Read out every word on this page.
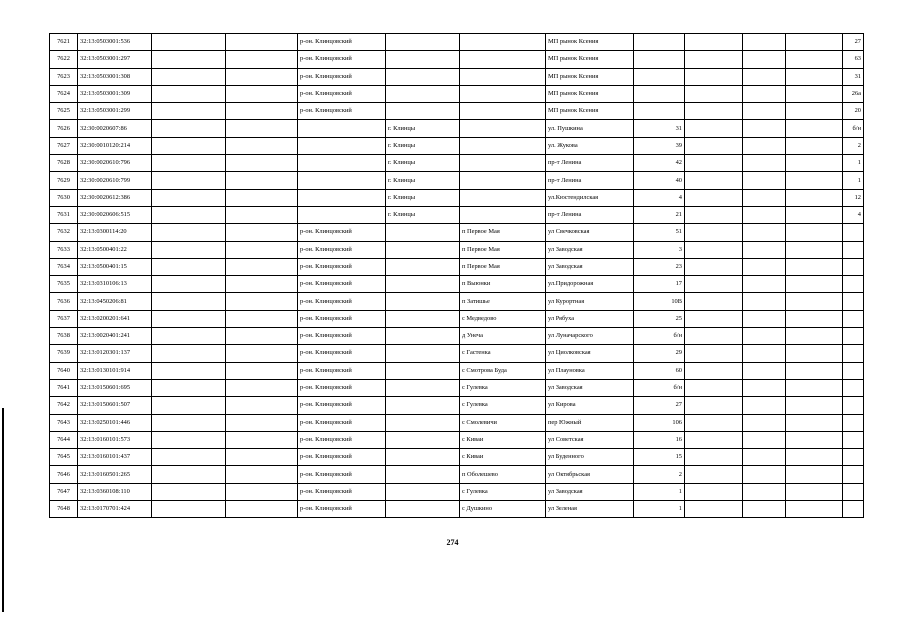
7621	32:13:0503001:536			р-он. Клинцовский			МП рынок Ксения					27
7622	32:13:0503001:297			р-он. Клинцовский			МП рынок Ксения					63
7623	32:13:0503001:308			р-он. Клинцовский			МП рынок Ксения					31
7624	32:13:0503001:309			р-он. Клинцовский			МП рынок Ксения					26а
7625	32:13:0503001:299			р-он. Клинцовский			МП рынок Ксения					20
7626	32:30:0020607:86				г. Клинцы		ул. Пушкина	31				б/н
7627	32:30:0010120:214				г. Клинцы		ул. Жукова	39				2
7628	32:30:0020610:796				г. Клинцы		пр-т Ленина	42				1
7629	32:30:0020610:799				г. Клинцы		пр-т Ленина	40				1
7630	32:30:0020612:386				г. Клинцы		ул.Кюстендилская	4				12
7631	32:30:0020606:515				г. Клинцы		пр-т Ленина	21				4
7632	32:13:0300114:20			р-он. Клинцовский		п Первое Мая	ул Свечковская	51				
7633	32:13:0500401:22			р-он. Клинцовский		п Первое Мая	ул Заводская	3				
7634	32:13:0500401:15			р-он. Клинцовский		п Первое Мая	ул Заводская	23				
7635	32:13:0310106:13			р-он. Клинцовский		п Выюнки	ул.Придорожная	17				
7636	32:13:0450206:81			р-он. Клинцовский		п Затишье	ул Курортная	10В				
7637	32:13:0200201:641			р-он. Клинцовский		с Медведово	ул Рябуха	25				
7638	32:13:0020401:241			р-он. Клинцовский		д Унеча	ул Луначарского	б/н				
7639	32:13:0120301:137			р-он. Клинцовский		с Гастенка	ул Циолковская	29				
7640	32:13:0130101:914			р-он. Клинцовский		с Смотрова Буда	ул Плауновка	60				
7641	32:13:0150601:695			р-он. Клинцовский		с Гулевка	ул Заводская	б/н				
7642	32:13:0150601:507			р-он. Клинцовский		с Гулевка	ул Кирова	27				
7643	32:13:0250101:446			р-он. Клинцовский		с Смолевичи	пер Южный	106				
7644	32:13:0160101:573			р-он. Клинцовский		с Киваи	ул Советская	16				
7645	32:13:0160101:437			р-он. Клинцовский		с Киваи	ул Буденного	15				
7646	32:13:0160501:265			р-он. Клинцовский		п Оболешево	ул Октябрьская	2				
7647	32:13:0360108:110			р-он. Клинцовский		с Гулевка	ул Заводская	1				
7648	32:13:0170701:424			р-он. Клинцовский		с Душкино	ул Зеленая	1				
274
